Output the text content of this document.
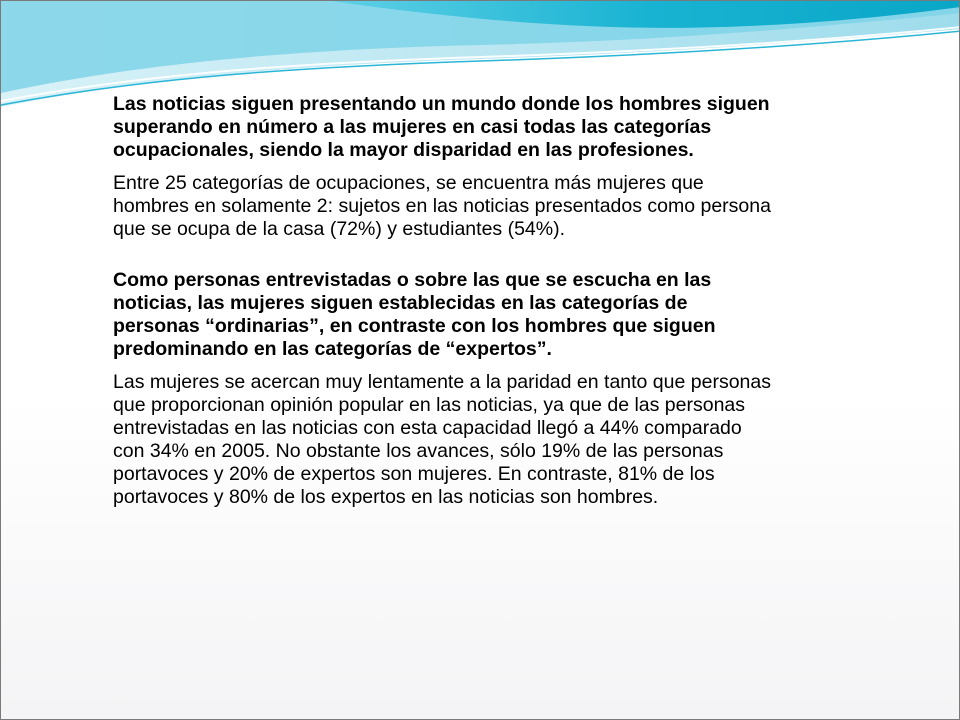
Las noticias siguen presentando un mundo donde los hombres siguen
superando en número a las mujeres en casi todas las categorías
ocupacionales, siendo la mayor disparidad en las profesiones.

Entre 25 categorías de ocupaciones, se encuentra más mujeres que
hombres en solamente 2: sujetos en las noticias presentados como persona
que se ocupa de la casa (72%) y estudiantes (54%).

Como personas entrevistadas o sobre las que se escucha en las
noticias, las mujeres siguen establecidas en las categorías de
personas “ordinarias”, en contraste con los hombres que siguen
predominando en las categorías de “expertos”.

Las mujeres se acercan muy lentamente a la paridad en tanto que personas
que proporcionan opinión popular en las noticias, ya que de las personas
entrevistadas en las noticias con esta capacidad llegó a 44% comparado
con 34% en 2005. No obstante los avances, sólo 19% de las personas
portavoces y 20% de expertos son mujeres. En contraste, 81% de los
portavoces y 80% de los expertos en las noticias son hombres.
